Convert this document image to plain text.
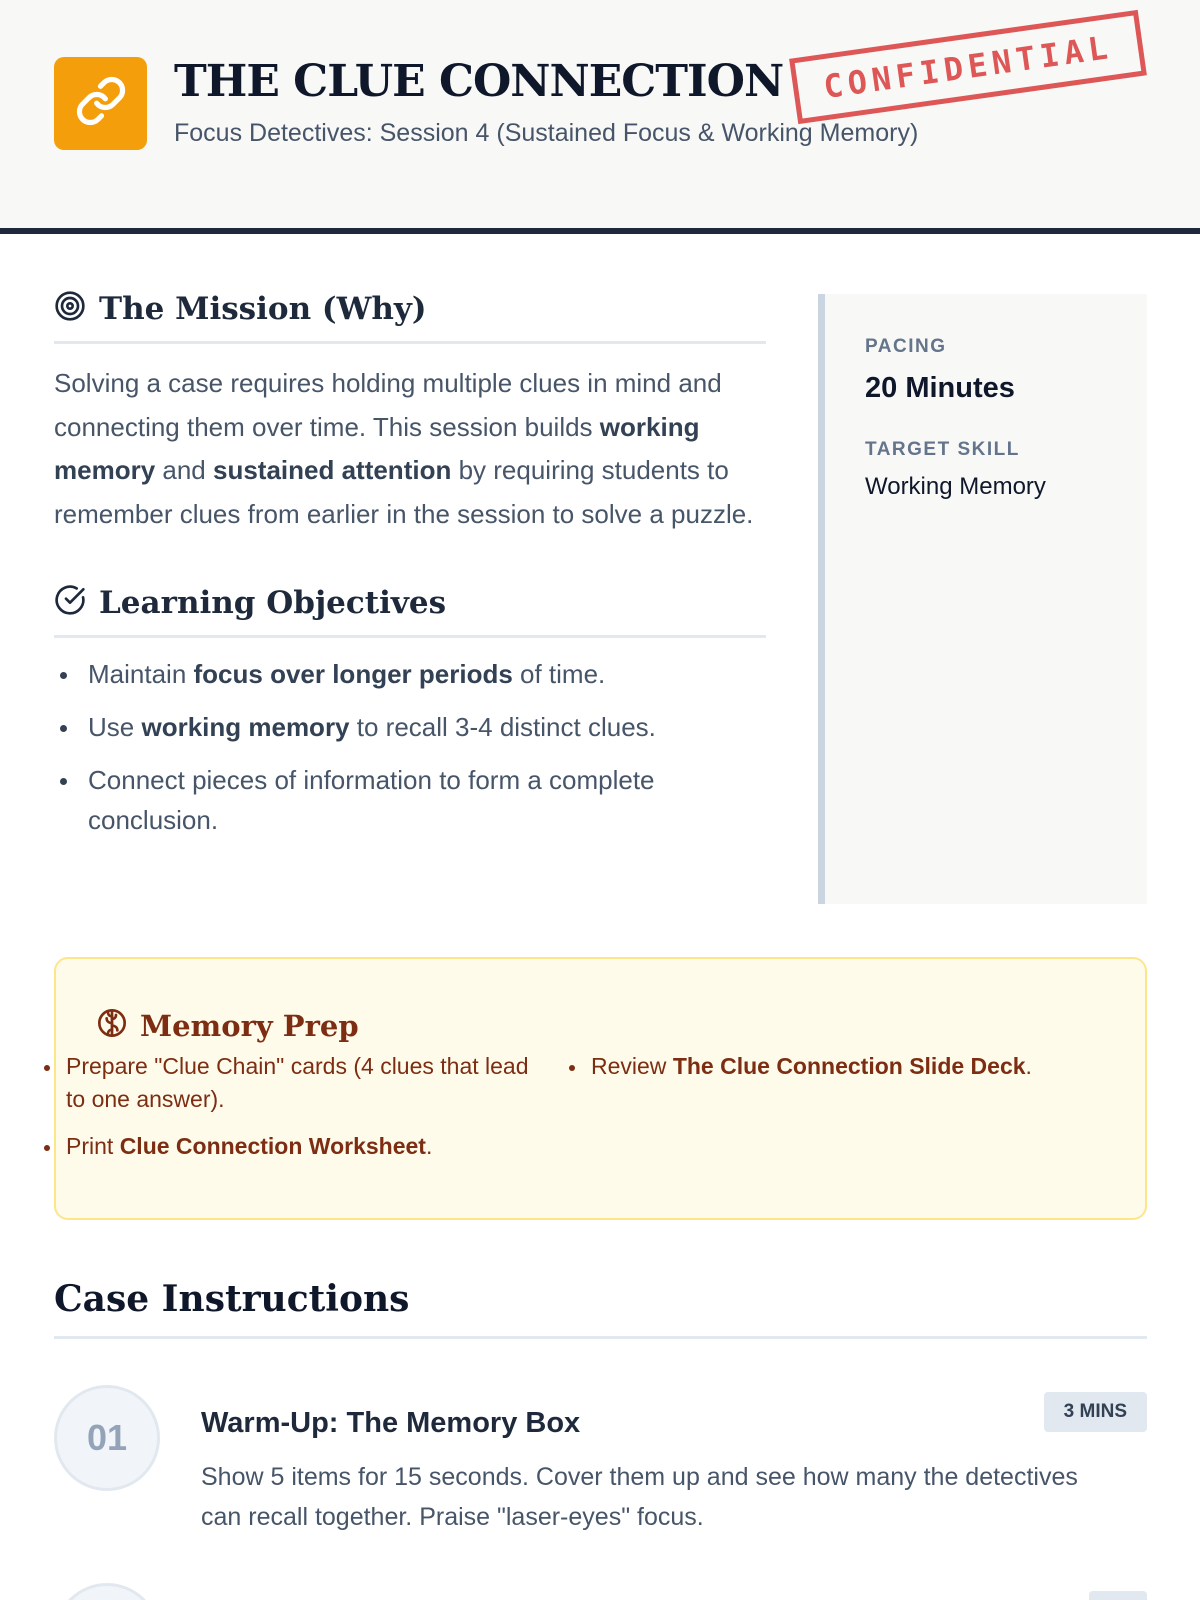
THE CLUE CONNECTION
Focus Detectives: Session 4 (Sustained Focus & Working Memory)
CONFIDENTIAL
The Mission (Why)

Solving a case requires holding multiple clues in mind and connecting them over time. This session builds working memory and sustained attention by requiring students to remember clues from earlier in the session to solve a puzzle.

Learning Objectives
Maintain focus over longer periods of time.
Use working memory to recall 3-4 distinct clues.
Connect pieces of information to form a complete conclusion.
PACING
20 Minutes
TARGET SKILL
Working Memory
Memory Prep
Prepare "Clue Chain" cards (4 clues that lead to one answer).
Print Clue Connection Worksheet.
Review The Clue Connection Slide Deck.
Case Instructions
01	Warm-Up: The Memory Box	3 MINS
Show 5 items for 15 seconds. Cover them up and see how many the detectives can recall together. Praise "laser-eyes" focus.
